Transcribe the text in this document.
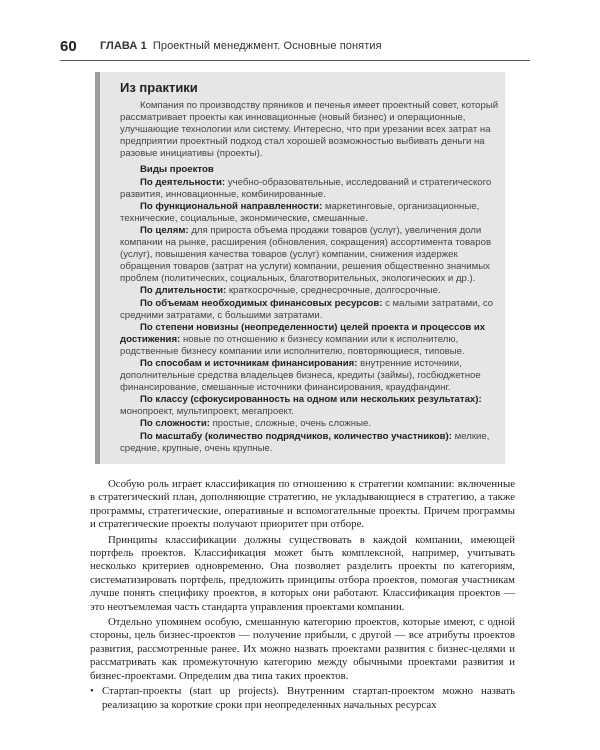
60 ГЛАВА 1 Проектный менеджмент. Основные понятия
Из практики

Компания по производству пряников и печенья имеет проектный совет, который рассматривает проекты как инновационные (новый бизнес) и операционные, улучшающие технологии или систему. Интересно, что при урезании всех затрат на предприятии проектный подход стал хорошей возможностью выбивать деньги на разовые инициативы (проекты).

Виды проектов

По деятельности: учебно-образовательные, исследований и стратегического развития, инновационные, комбинированные.

По функциональной направленности: маркетинговые, организационные, технические, социальные, экономические, смешанные.

По целям: для прироста объема продажи товаров (услуг), увеличения доли компании на рынке, расширения (обновления, сокращения) ассортимента товаров (услуг), повышения качества товаров (услуг) компании, снижения издержек обращения товаров (затрат на услуги) компании, решения общественно значимых проблем (политических, социальных, благотворительных, экологических и др.).

По длительности: краткосрочные, среднесрочные, долгосрочные.

По объемам необходимых финансовых ресурсов: с малыми затратами, со средними затратами, с большими затратами.

По степени новизны (неопределенности) целей проекта и процессов их достижения: новые по отношению к бизнесу компании или к исполнителю, родственные бизнесу компании или исполнителю, повторяющиеся, типовые.

По способам и источникам финансирования: внутренние источники, дополнительные средства владельцев бизнеса, кредиты (займы), госбюджетное финансирование, смешанные источники финансирования, краудфандинг.

По классу (сфокусированность на одном или нескольких результатах):монопроект, мультипроект, мегапроект.

По сложности: простые, сложные, очень сложные.

По масштабу (количество подрядчиков, количество участников): мелкие, средние, крупные, очень крупные.

Особую роль играет классификация по отношению к стратегии компании: включенные в стратегический план, дополняющие стратегию, не укладывающиеся в стратегию, а также программы, стратегические, оперативные и вспомогательные проекты. Причем программы и стратегические проекты получают приоритет при отборе.

Принципы классификации должны существовать в каждой компании, имеющей портфель проектов. Классификация может быть комплексной, например, учитывать несколько критериев одновременно. Она позволяет разделить проекты по категориям, систематизировать портфель, предложить принципы отбора проектов, помогая участникам лучше понять специфику проектов, в которых они работают. Классификация проектов — это неотъемлемая часть стандарта управления проектами компании.

Отдельно упомянем особую, смешанную категорию проектов, которые имеют, с одной стороны, цель бизнес-проектов — получение прибыли, с другой — все атрибуты проектов развития, рассмотренные ранее. Их можно назвать проектами развития с бизнес-целями и рассматривать как промежуточную категорию между обычными проектами развития и бизнес-проектами. Определим два типа таких проектов.

• Стартап-проекты (start up projects). Внутренним стартап-проектом можно назвать реализацию за короткие сроки при неопределенных начальных ресурсах
